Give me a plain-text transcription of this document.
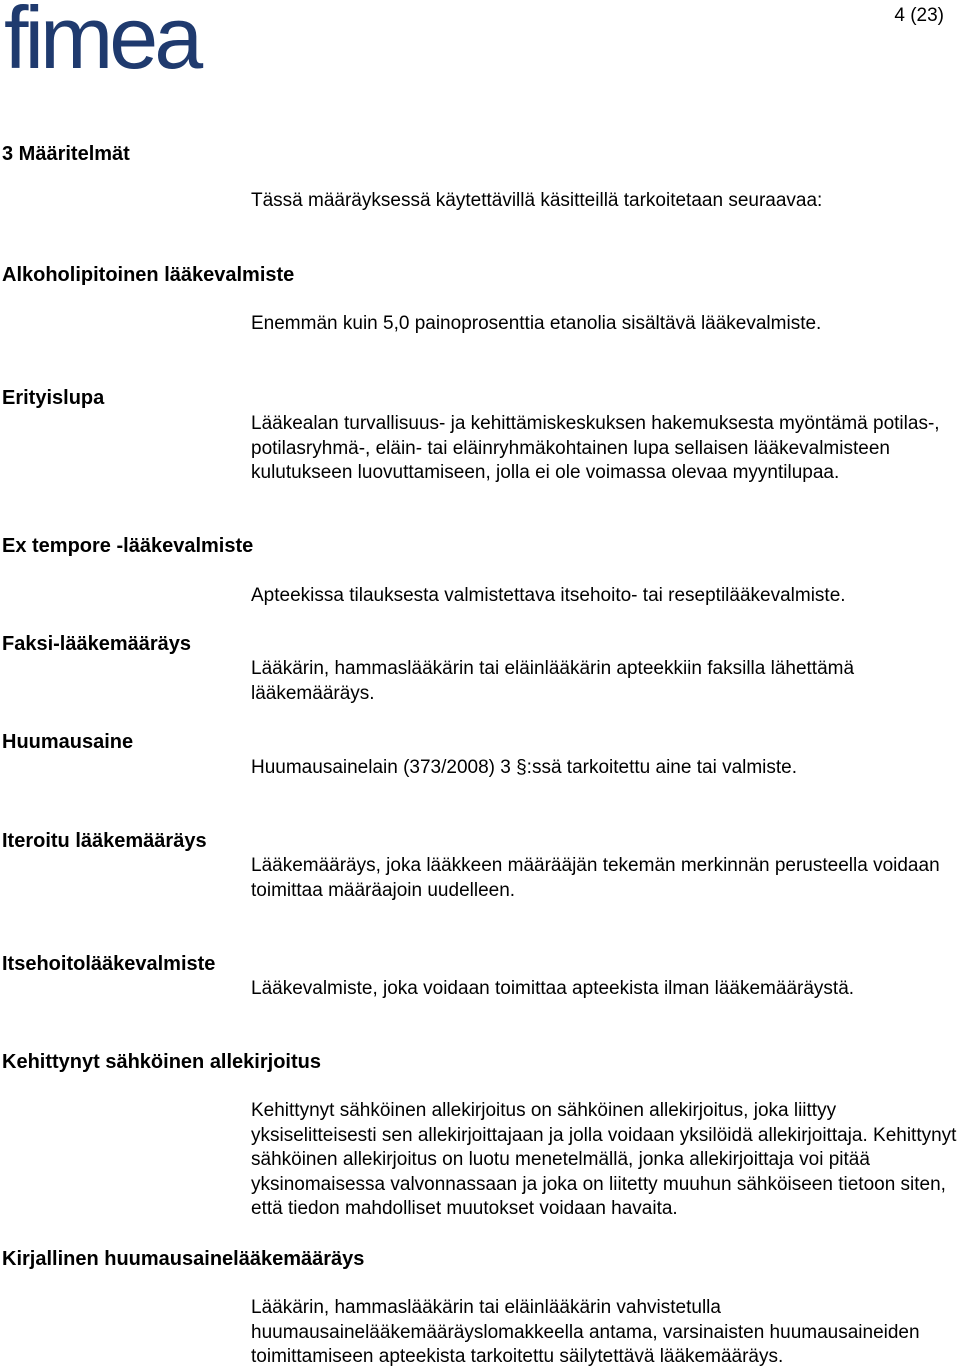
fimea	4 (23)
3 Määritelmät
Tässä määräyksessä käytettävillä käsitteillä tarkoitetaan seuraavaa:
Alkoholipitoinen lääkevalmiste
Enemmän kuin 5,0 painoprosenttia etanolia sisältävä lääkevalmiste.
Erityislupa
Lääkealan turvallisuus- ja kehittämiskeskuksen hakemuksesta myöntämä potilas-, potilasryhmä-, eläin- tai eläinryhmäkohtainen lupa sellaisen lääkevalmisteen kulutukseen luovuttamiseen, jolla ei ole voimassa olevaa myyntilupaa.
Ex tempore -lääkevalmiste
Apteekissa tilauksesta valmistettava itsehoito- tai reseptilääkevalmiste.
Faksi-lääkemääräys
Lääkärin, hammaslääkärin tai eläinlääkärin apteekkiin faksilla lähettämä lääkemääräys.
Huumausaine
Huumausainelain (373/2008) 3 §:ssä tarkoitettu aine tai valmiste.
Iteroitu lääkemääräys
Lääkemääräys, joka lääkkeen määrääjän tekemän merkinnän perusteella voidaan toimittaa määräajoin uudelleen.
Itsehoitolääkevalmiste
Lääkevalmiste, joka voidaan toimittaa apteekista ilman lääkemääräystä.
Kehittynyt sähköinen allekirjoitus
Kehittynyt sähköinen allekirjoitus on sähköinen allekirjoitus, joka liittyy yksiselitteisesti sen allekirjoittajaan ja jolla voidaan yksilöidä allekirjoittaja. Kehittynyt sähköinen allekirjoitus on luotu menetelmällä, jonka allekirjoittaja voi pitää yksinomaisessa valvonnassaan ja joka on liitetty muuhun sähköiseen tietoon siten, että tiedon mahdolliset muutokset voidaan havaita.
Kirjallinen huumausainelääkemääräys
Lääkärin, hammaslääkärin tai eläinlääkärin vahvistetulla huumausainelääkemääräyslomakkeella antama, varsinaisten huumausaineiden toimittamiseen apteekista tarkoitettu säilytettävä lääkemääräys.
